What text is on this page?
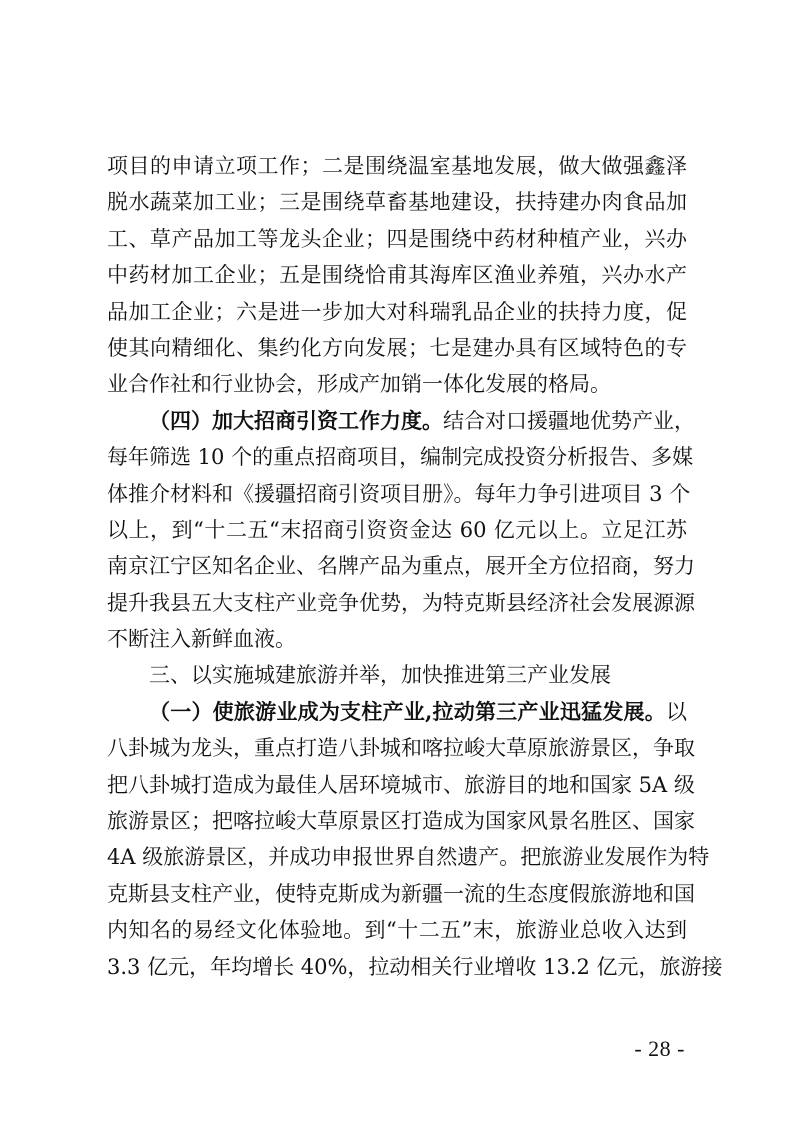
项目的申请立项工作；二是围绕温室基地发展，做大做强鑫泽
脱水蔬菜加工业；三是围绕草畜基地建设，扶持建办肉食品加
工、草产品加工等龙头企业；四是围绕中药材种植产业，兴办
中药材加工企业；五是围绕恰甫其海库区渔业养殖，兴办水产
品加工企业；六是进一步加大对科瑞乳品企业的扶持力度，促
使其向精细化、集约化方向发展；七是建办具有区域特色的专
业合作社和行业协会，形成产加销一体化发展的格局。
（四）加大招商引资工作力度。结合对口援疆地优势产业，
每年筛选 10 个的重点招商项目，编制完成投资分析报告、多媒
体推介材料和《援疆招商引资项目册》。每年力争引进项目 3 个
以上，到“十二五“末招商引资资金达 60 亿元以上。立足江苏
南京江宁区知名企业、名牌产品为重点，展开全方位招商，努力
提升我县五大支柱产业竞争优势，为特克斯县经济社会发展源源
不断注入新鲜血液。
三、以实施城建旅游并举，加快推进第三产业发展
（一）使旅游业成为支柱产业,拉动第三产业迅猛发展。以
八卦城为龙头，重点打造八卦城和喀拉峻大草原旅游景区，争取
把八卦城打造成为最佳人居环境城市、旅游目的地和国家 5A 级
旅游景区；把喀拉峻大草原景区打造成为国家风景名胜区、国家
4A 级旅游景区，并成功申报世界自然遗产。把旅游业发展作为特
克斯县支柱产业，使特克斯成为新疆一流的生态度假旅游地和国
内知名的易经文化体验地。到“十二五”末，旅游业总收入达到
3.3 亿元，年均增长 40%，拉动相关行业增收 13.2 亿元，旅游接
- 28 -
